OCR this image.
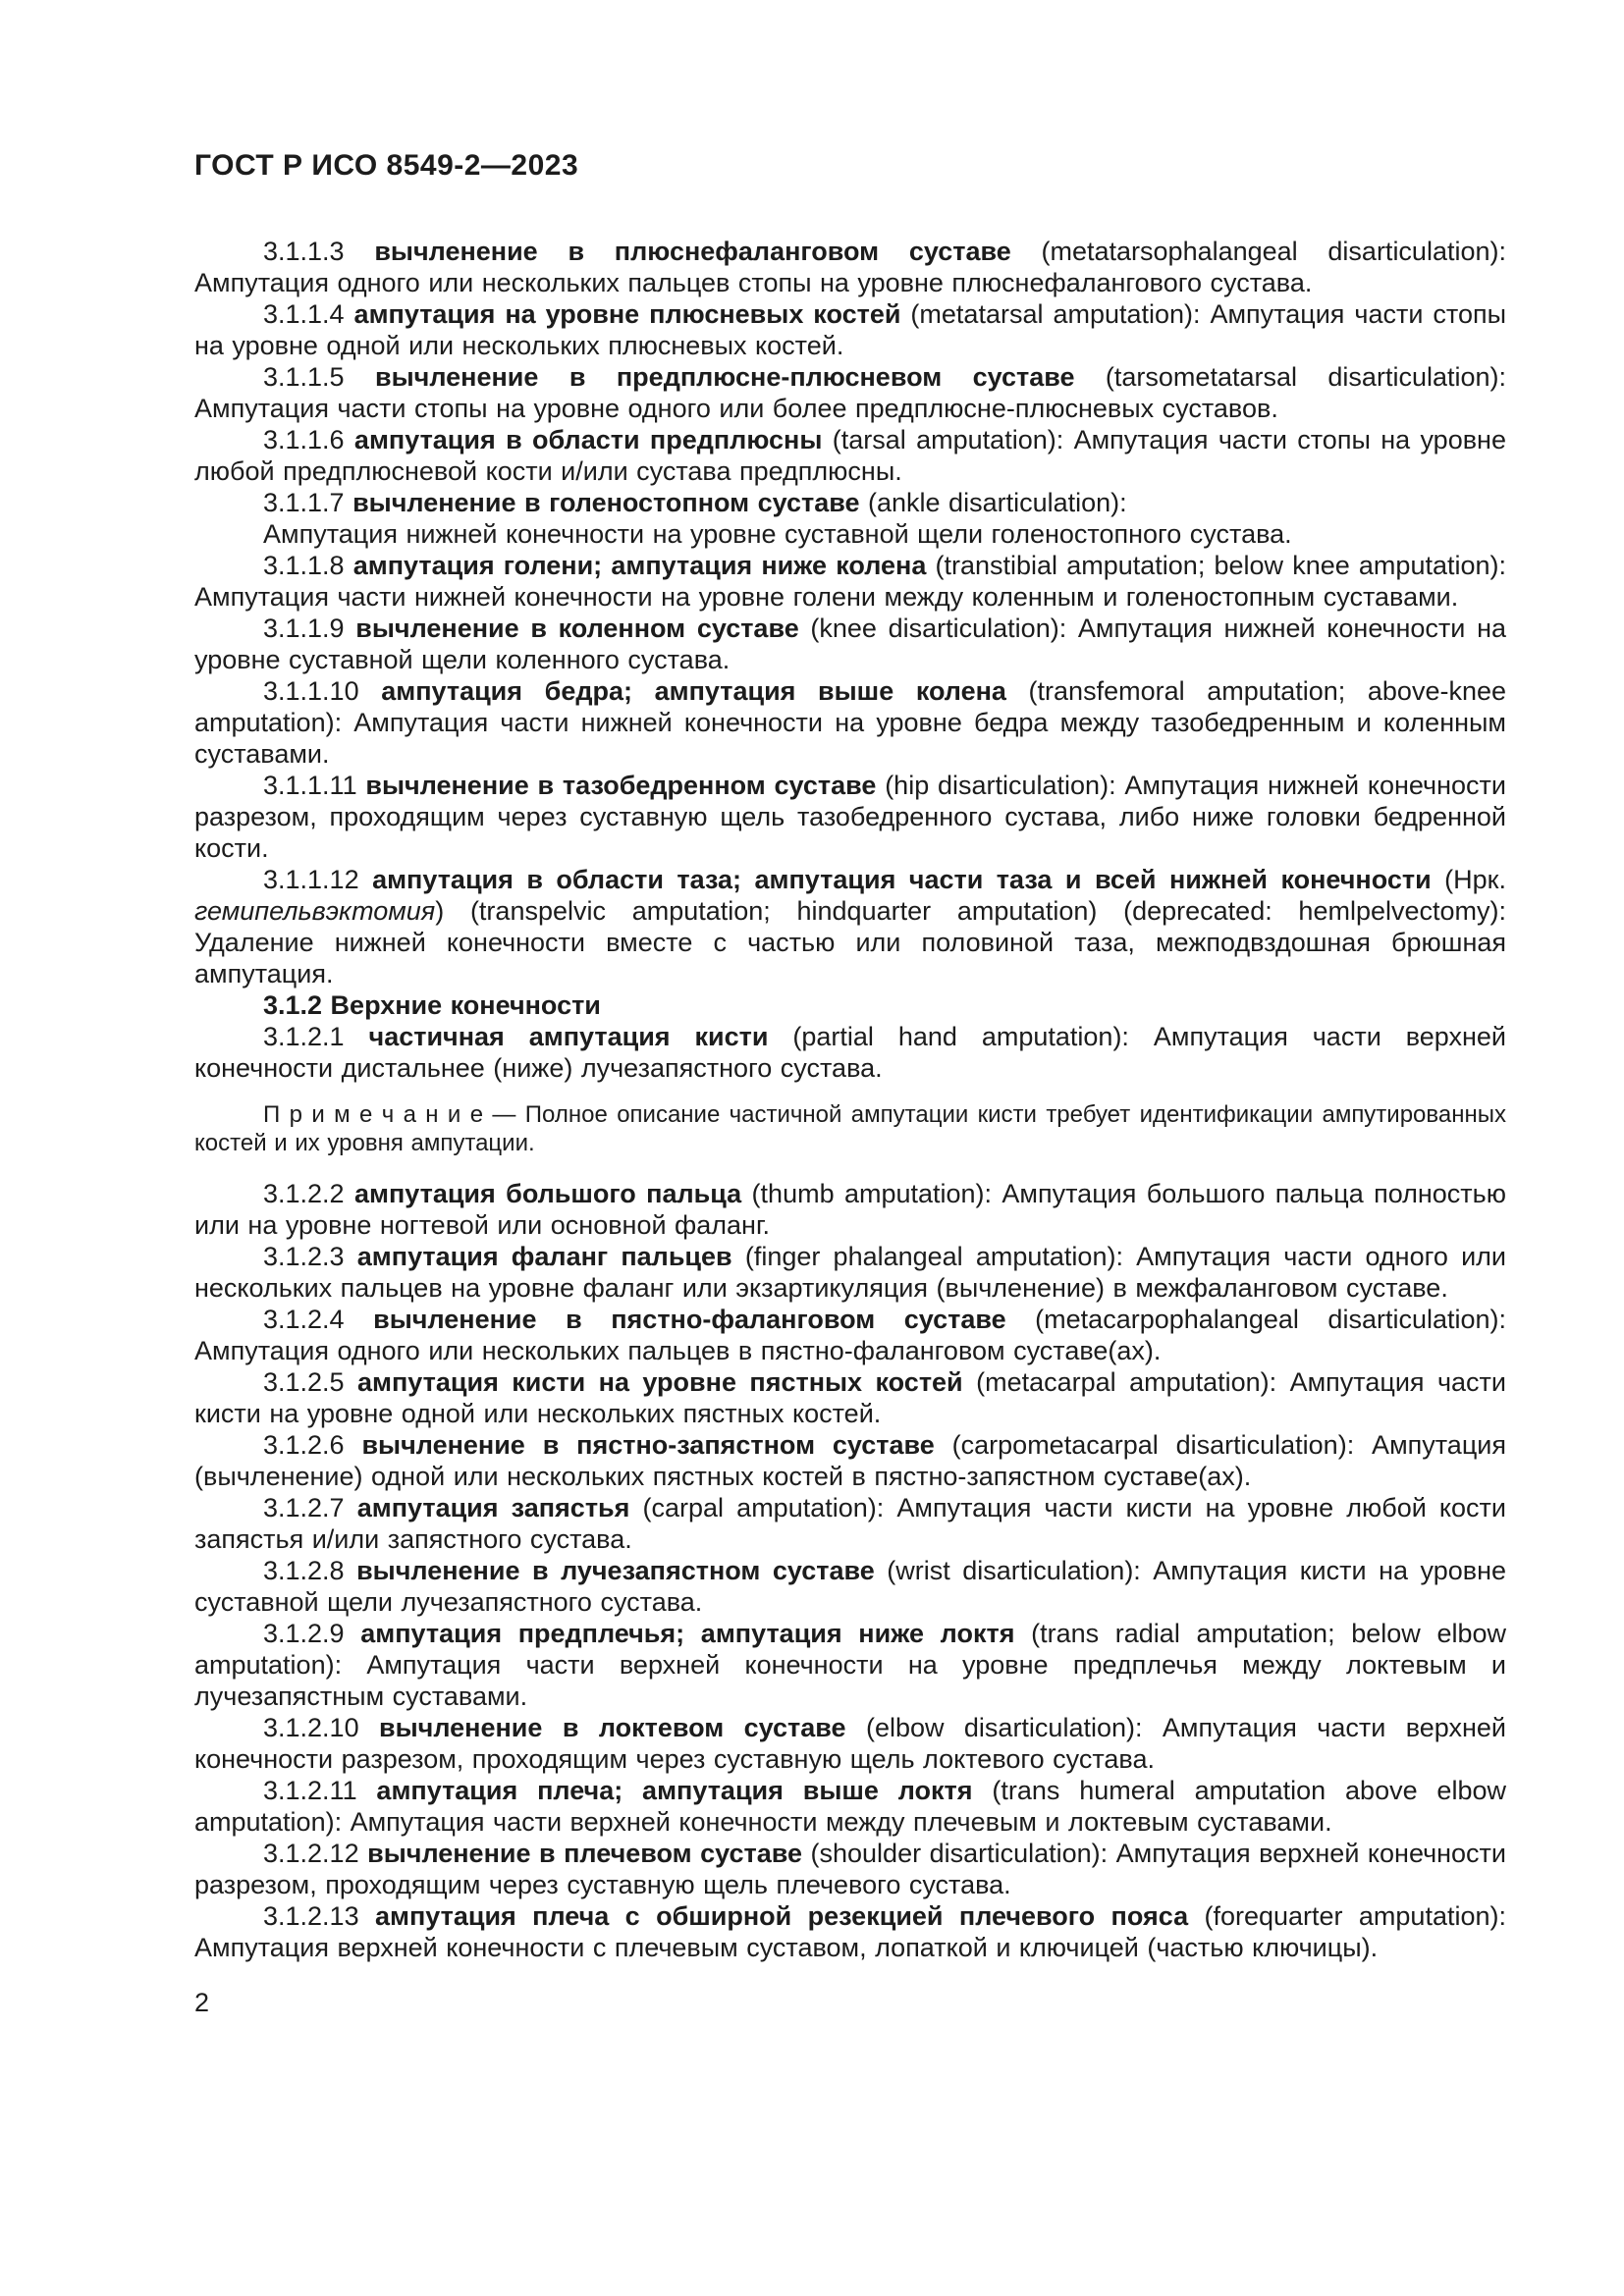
ГОСТ Р ИСО 8549-2—2023

3.1.1.3 вычленение в плюснефаланговом суставе (metatarsophalangeal disarticulation): Ампутация одного или нескольких пальцев стопы на уровне плюснефалангового сустава.

3.1.1.4 ампутация на уровне плюсневых костей (metatarsal amputation): Ампутация части стопы на уровне одной или нескольких плюсневых костей.

3.1.1.5 вычленение в предплюсне-плюсневом суставе (tarsometatarsal disarticulation): Ампутация части стопы на уровне одного или более предплюсне-плюсневых суставов.

3.1.1.6 ампутация в области предплюсны (tarsal amputation): Ампутация части стопы на уровне любой предплюсневой кости и/или сустава предплюсны.

3.1.1.7 вычленение в голеностопном суставе (ankle disarticulation):

Ампутация нижней конечности на уровне суставной щели голеностопного сустава.

3.1.1.8 ампутация голени; ампутация ниже колена (transtibial amputation; below knee amputation): Ампутация части нижней конечности на уровне голени между коленным и голеностопным суставами.

3.1.1.9 вычленение в коленном суставе (knee disarticulation): Ампутация нижней конечности на уровне суставной щели коленного сустава.

3.1.1.10 ампутация бедра; ампутация выше колена (transfemoral amputation; above-knee amputation): Ампутация части нижней конечности на уровне бедра между тазобедренным и коленным суставами.

3.1.1.11 вычленение в тазобедренном суставе (hip disarticulation): Ампутация нижней конечности разрезом, проходящим через суставную щель тазобедренного сустава, либо ниже головки бедренной кости.

3.1.1.12 ампутация в области таза; ампутация части таза и всей нижней конечности (Нрк. гемипельвэктомия) (transpelvic amputation; hindquarter amputation) (deprecated: hemlpelvectomy): Удаление нижней конечности вместе с частью или половиной таза, межподвздошная брюшная ампутация.

3.1.2 Верхние конечности

3.1.2.1 частичная ампутация кисти (partial hand amputation): Ампутация части верхней конечности дистальнее (ниже) лучезапястного сустава.

П р и м е ч а н и е — Полное описание частичной ампутации кисти требует идентификации ампутированных костей и их уровня ампутации.

3.1.2.2 ампутация большого пальца (thumb amputation): Ампутация большого пальца полностью или на уровне ногтевой или основной фаланг.

3.1.2.3 ампутация фаланг пальцев (finger phalangeal amputation): Ампутация части одного или нескольких пальцев на уровне фаланг или экзартикуляция (вычленение) в межфаланговом суставе.

3.1.2.4 вычленение в пястно-фаланговом суставе (metacarpophalangeal disarticulation): Ампутация одного или нескольких пальцев в пястно-фаланговом суставе(ах).

3.1.2.5 ампутация кисти на уровне пястных костей (metacarpal amputation): Ампутация части кисти на уровне одной или нескольких пястных костей.

3.1.2.6 вычленение в пястно-запястном суставе (carpometacarpal disarticulation): Ампутация (вычленение) одной или нескольких пястных костей в пястно-запястном суставе(ах).

3.1.2.7 ампутация запястья (carpal amputation): Ампутация части кисти на уровне любой кости запястья и/или запястного сустава.

3.1.2.8 вычленение в лучезапястном суставе (wrist disarticulation): Ампутация кисти на уровне суставной щели лучезапястного сустава.

3.1.2.9 ампутация предплечья; ампутация ниже локтя (trans radial amputation; below elbow amputation): Ампутация части верхней конечности на уровне предплечья между локтевым и лучезапястным суставами.

3.1.2.10 вычленение в локтевом суставе (elbow disarticulation): Ампутация части верхней конечности разрезом, проходящим через суставную щель локтевого сустава.

3.1.2.11 ампутация плеча; ампутация выше локтя (trans humeral amputation above elbow amputation): Ампутация части верхней конечности между плечевым и локтевым суставами.

3.1.2.12 вычленение в плечевом суставе (shoulder disarticulation): Ампутация верхней конечности разрезом, проходящим через суставную щель плечевого сустава.

3.1.2.13 ампутация плеча с обширной резекцией плечевого пояса (forequarter amputation): Ампутация верхней конечности с плечевым суставом, лопаткой и ключицей (частью ключицы).

2
